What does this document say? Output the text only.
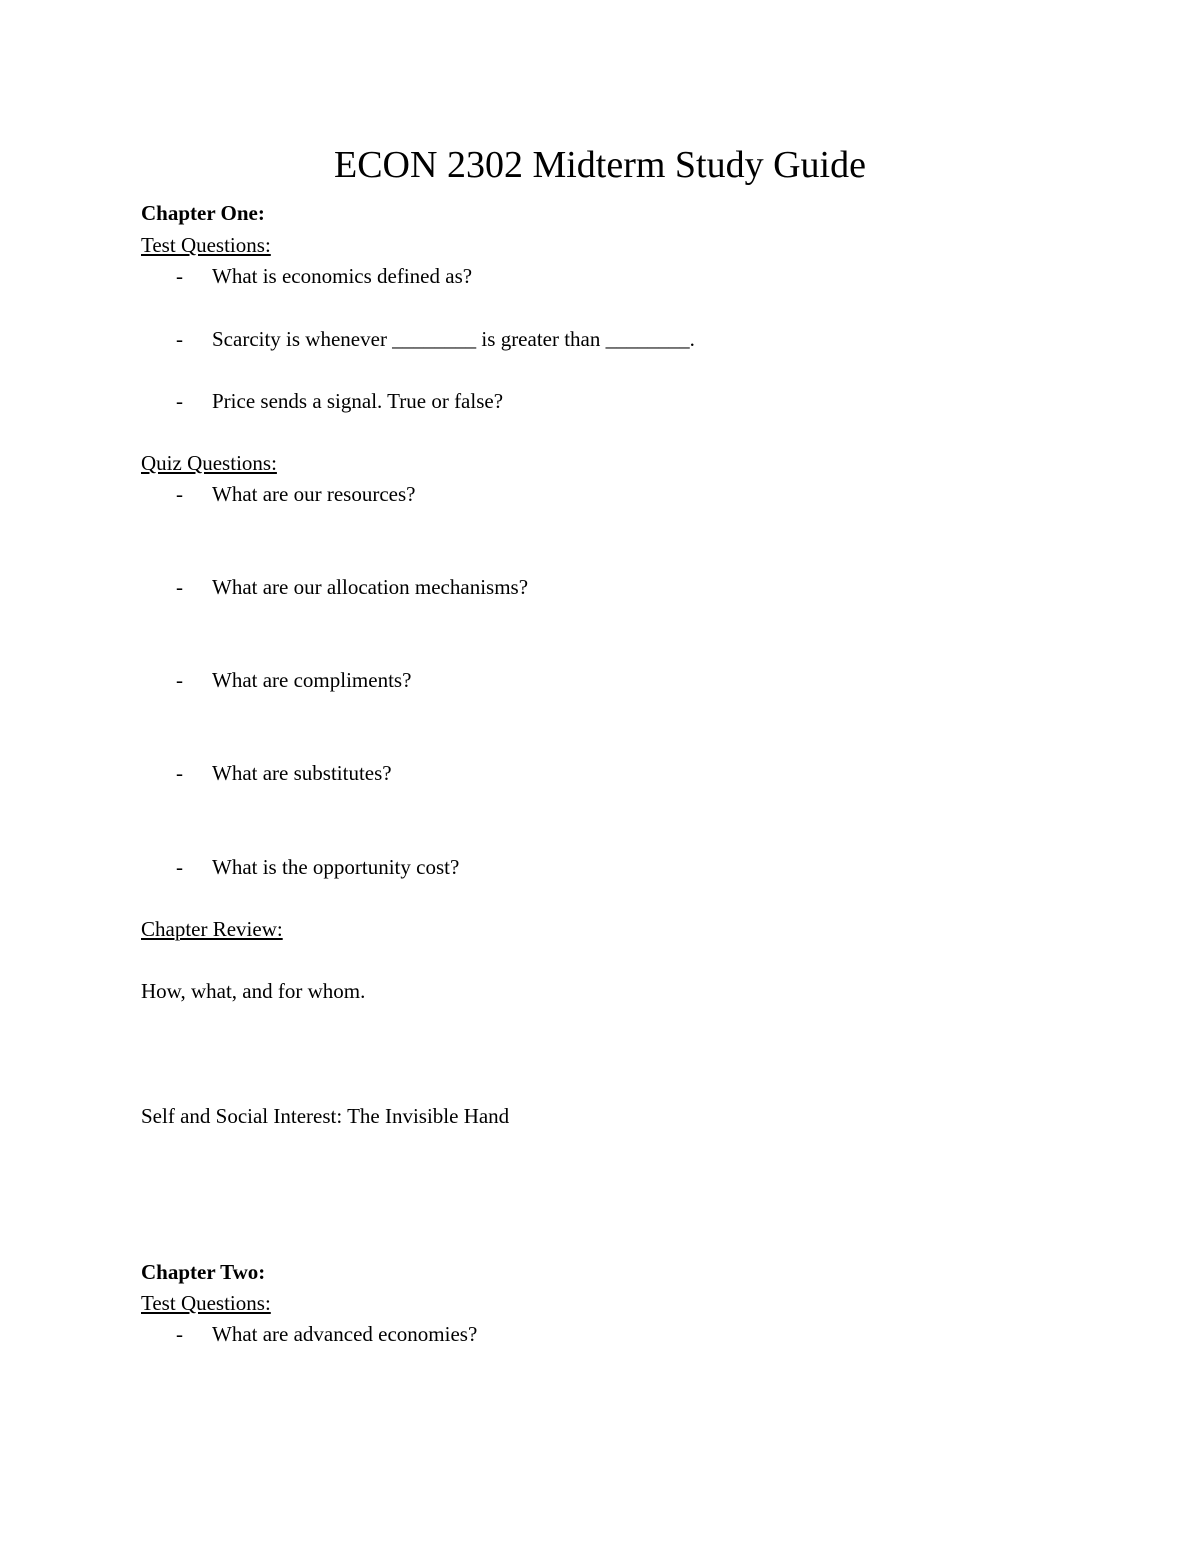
ECON 2302 Midterm Study Guide
Chapter One:
Test Questions:
- What is economics defined as?
- Scarcity is whenever ________ is greater than ________.
- Price sends a signal. True or false?
Quiz Questions:
- What are our resources?
- What are our allocation mechanisms?
- What are compliments?
- What are substitutes?
- What is the opportunity cost?
Chapter Review:
How, what, and for whom.
Self and Social Interest: The Invisible Hand
Chapter Two:
Test Questions:
- What are advanced economies?
